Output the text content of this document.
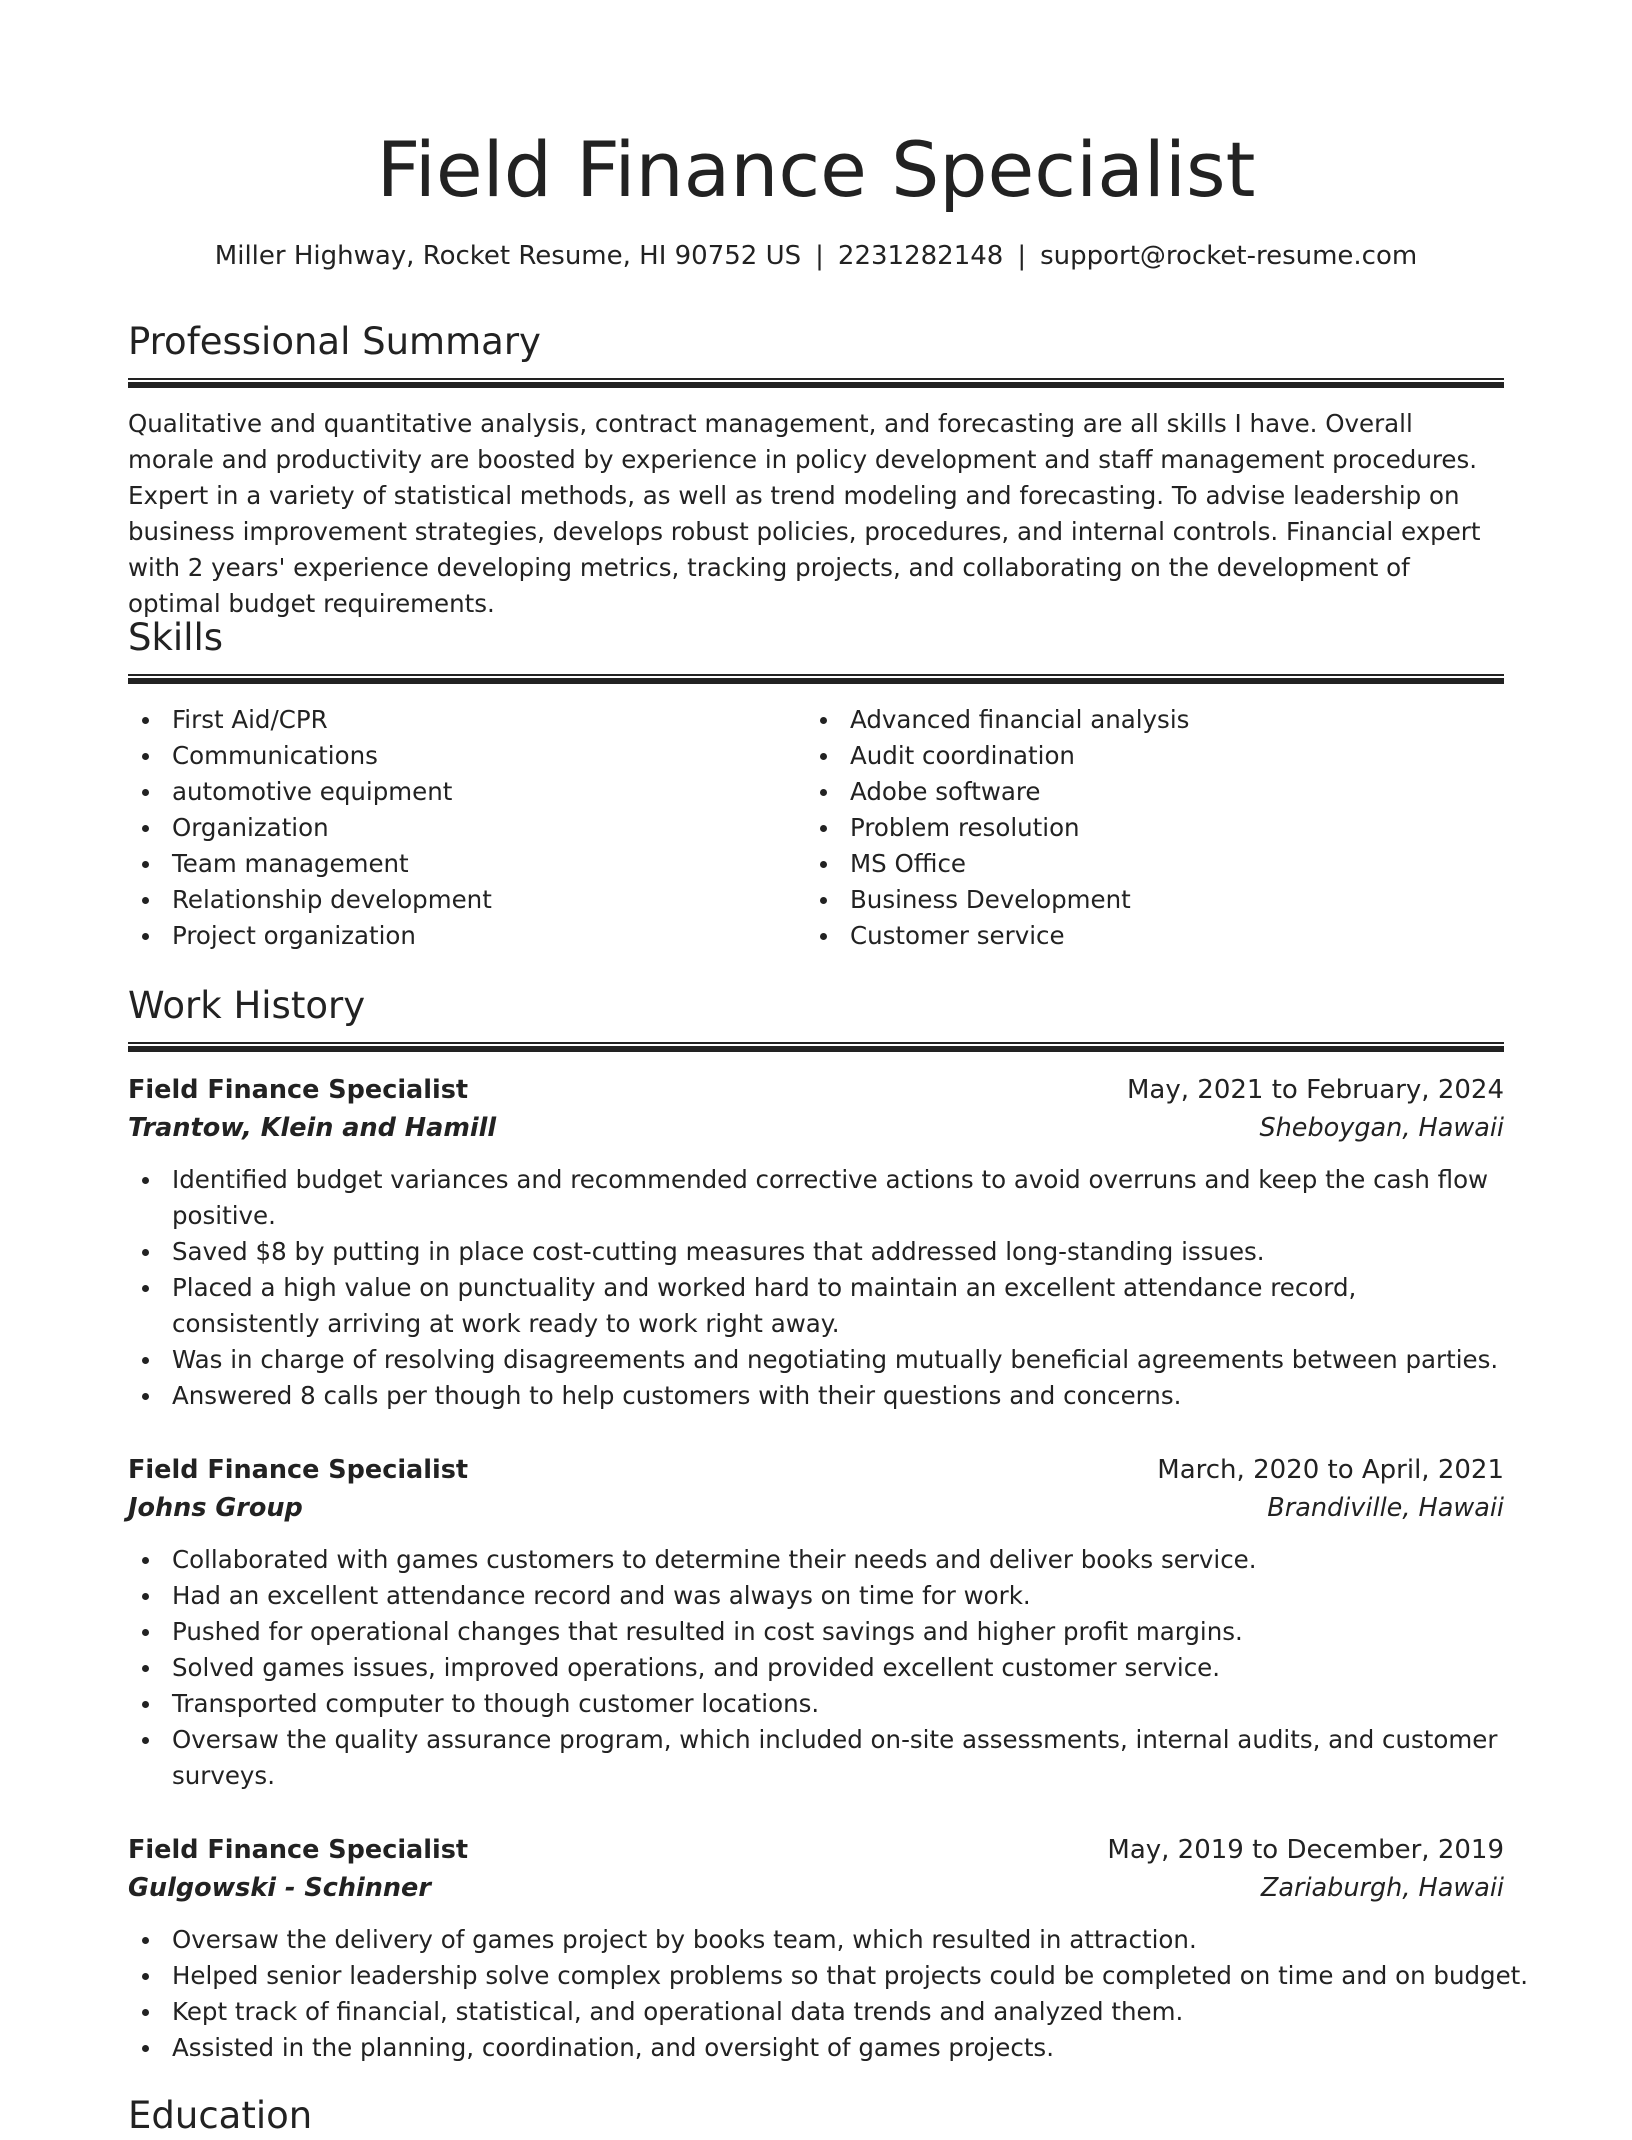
Field Finance Specialist
Miller Highway, Rocket Resume, HI 90752 US | 2231282148 | support@rocket-resume.com
Professional Summary

Qualitative and quantitative analysis, contract management, and forecasting are all skills I have. Overall morale and productivity are boosted by experience in policy development and staff management procedures. Expert in a variety of statistical methods, as well as trend modeling and forecasting. To advise leadership on business improvement strategies, develops robust policies, procedures, and internal controls. Financial expert with 2 years' experience developing metrics, tracking projects, and collaborating on the development of optimal budget requirements.

Skills
First Aid/CPR
Communications
automotive equipment
Organization
Team management
Relationship development
Project organization
Advanced financial analysis
Audit coordination
Adobe software
Problem resolution
MS Office
Business Development
Customer service
Work History
Field Finance Specialist	May, 2021 to February, 2024
Trantow, Klein and Hamill	Sheboygan, Hawaii
Identified budget variances and recommended corrective actions to avoid overruns and keep the cash flow positive.
Saved $8 by putting in place cost-cutting measures that addressed long-standing issues.
Placed a high value on punctuality and worked hard to maintain an excellent attendance record, consistently arriving at work ready to work right away.
Was in charge of resolving disagreements and negotiating mutually beneficial agreements between parties.
Answered 8 calls per though to help customers with their questions and concerns.
Field Finance Specialist	March, 2020 to April, 2021
Johns Group	Brandiville, Hawaii
Collaborated with games customers to determine their needs and deliver books service.
Had an excellent attendance record and was always on time for work.
Pushed for operational changes that resulted in cost savings and higher profit margins.
Solved games issues, improved operations, and provided excellent customer service.
Transported computer to though customer locations.
Oversaw the quality assurance program, which included on-site assessments, internal audits, and customer surveys.
Field Finance Specialist	May, 2019 to December, 2019
Gulgowski - Schinner	Zariaburgh, Hawaii
Oversaw the delivery of games project by books team, which resulted in attraction.
Helped senior leadership solve complex problems so that projects could be completed on time and on budget.
Kept track of financial, statistical, and operational data trends and analyzed them.
Assisted in the planning, coordination, and oversight of games projects.
Education
